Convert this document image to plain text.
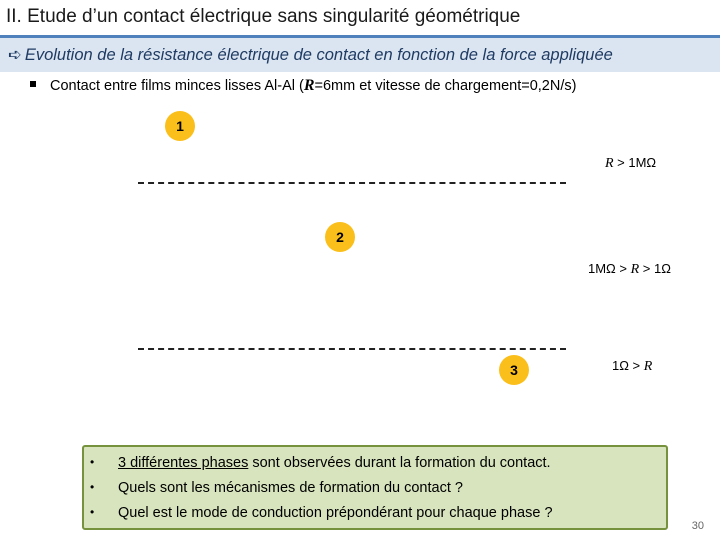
II. Etude d’un contact électrique sans singularité géométrique
➪ Evolution de la résistance électrique de contact en fonction de la force appliquée
Contact entre films minces lisses Al-Al (R=6mm et vitesse de chargement=0,2N/s)
1
R > 1MΩ
2
1MΩ > R > 1Ω
3	1Ω > R
• 3 différentes phases sont observées durant la formation du contact.
• Quels sont les mécanismes de formation du contact ?
• Quel est le mode de conduction prépondérant pour chaque phase ?
30
